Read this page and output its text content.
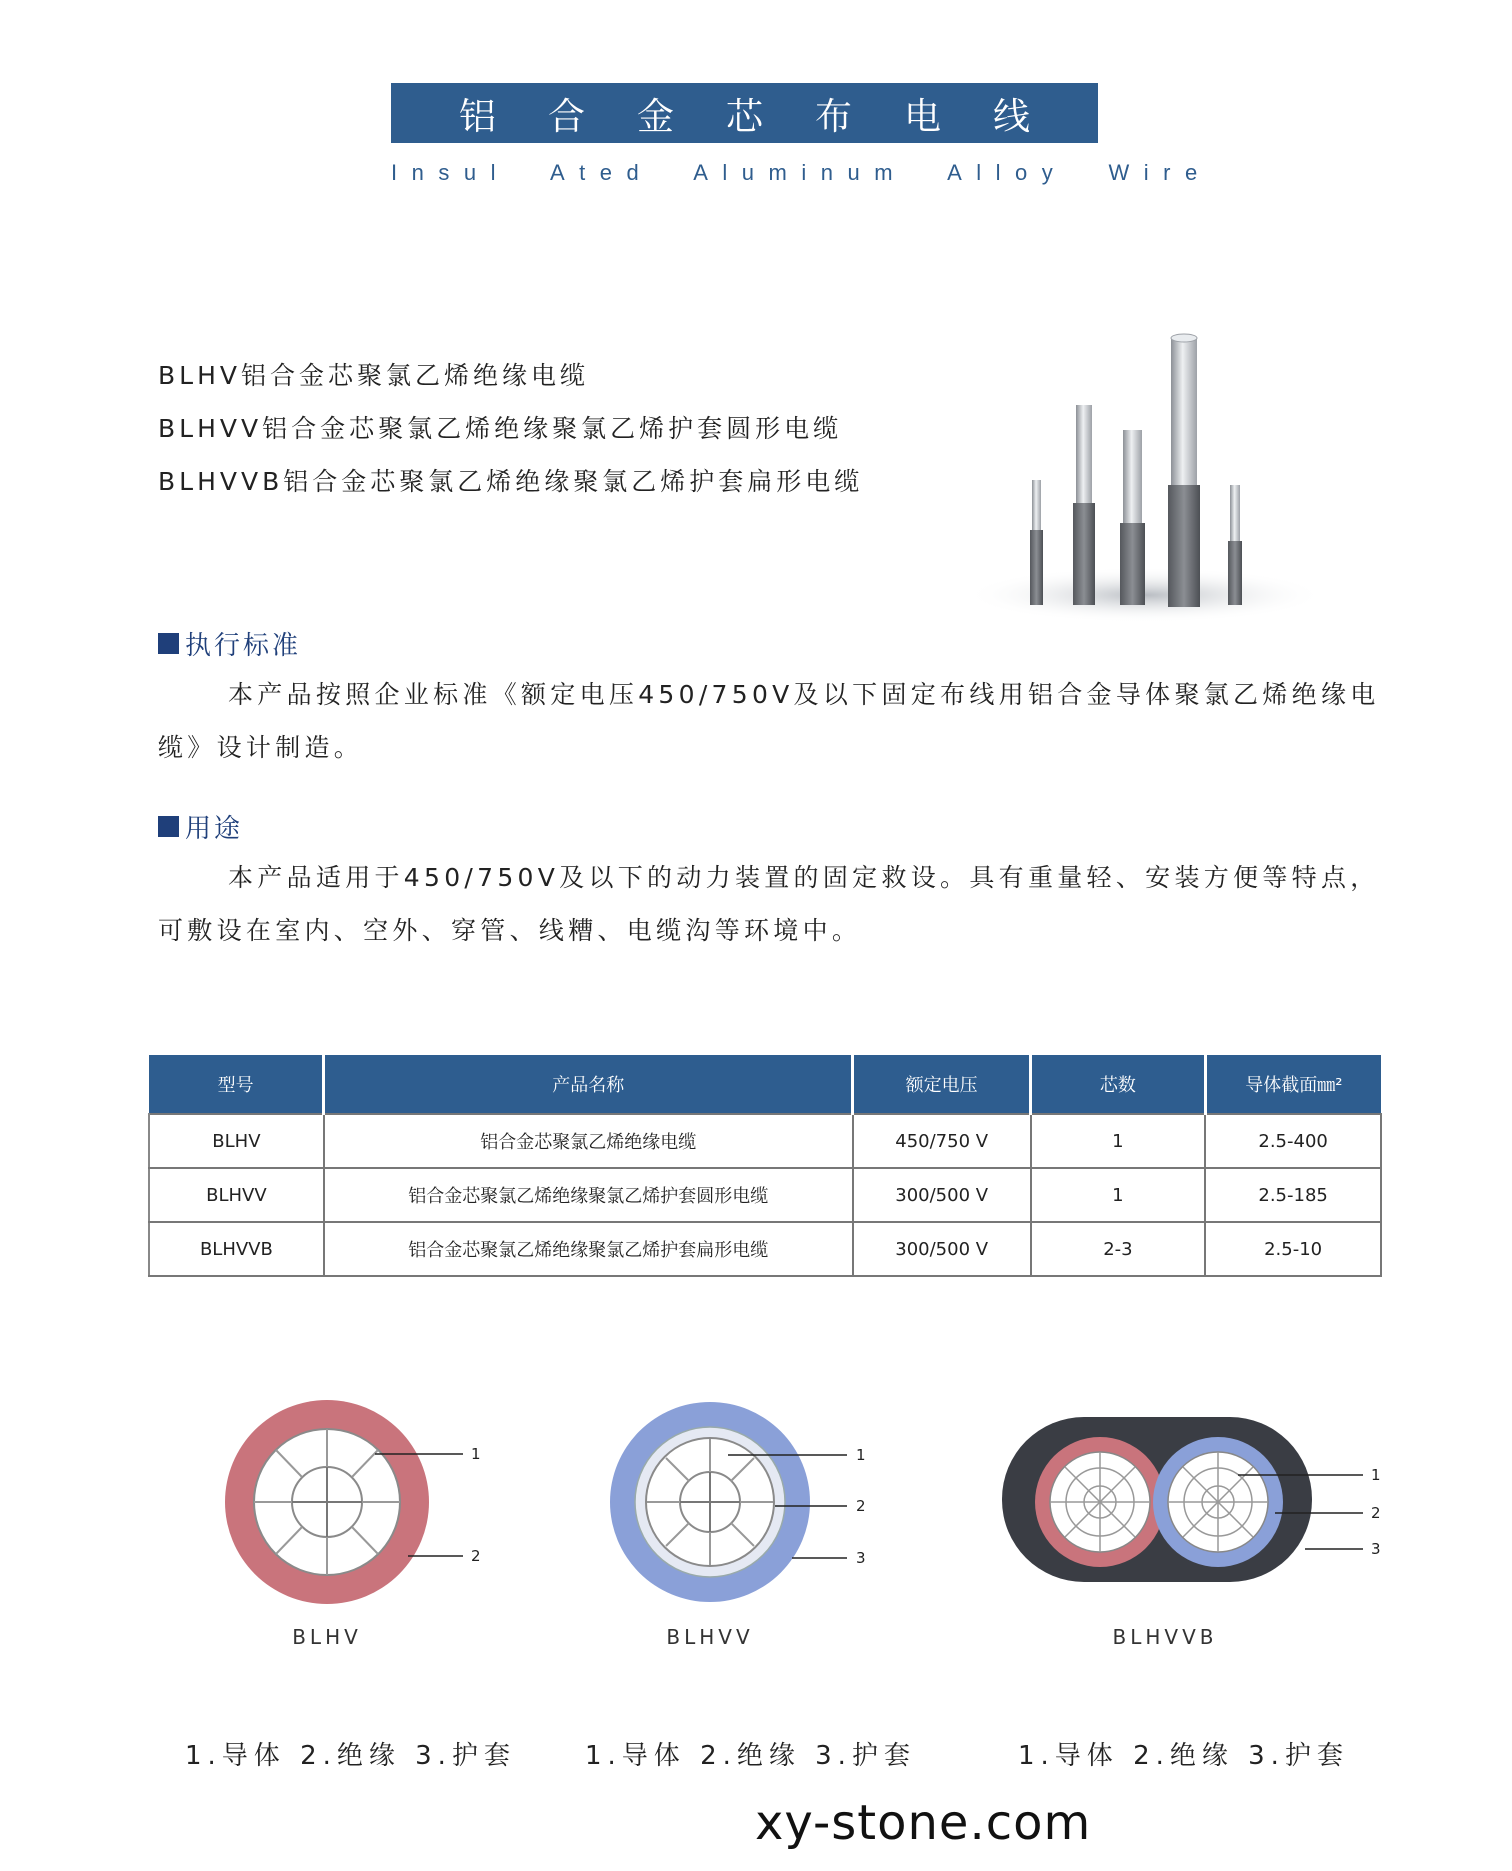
铝合金芯布电线
Insul  Ated  Aluminum  Alloy  Wire
BLHV铝合金芯聚氯乙烯绝缘电缆
BLHVV铝合金芯聚氯乙烯绝缘聚氯乙烯护套圆形电缆
BLHVVB铝合金芯聚氯乙烯绝缘聚氯乙烯护套扁形电缆
执行标准
本产品按照企业标准《额定电压450/750V及以下固定布线用铝合金导体聚氯乙烯绝缘电缆》设计制造。
用途
本产品适用于450/750V及以下的动力装置的固定救设。具有重量轻、安装方便等特点，可敷设在室内、空外、穿管、线糟、电缆沟等环境中。
型号	产品名称	额定电压	芯数	导体截面㎜²
BLHV	铝合金芯聚氯乙烯绝缘电缆	450/750 V	1	2.5-400
BLHVV	铝合金芯聚氯乙烯绝缘聚氯乙烯护套圆形电缆	300/500 V	1	2.5-185
BLHVVB	铝合金芯聚氯乙烯绝缘聚氯乙烯护套扁形电缆	300/500 V	2-3	2.5-10
1
2
BLHV
1
2
3
BLHVV
1
2
3
BLHVVB
1.导体 2.绝缘 3.护套	1.导体 2.绝缘 3.护套	1.导体 2.绝缘 3.护套
xy-stone.com
